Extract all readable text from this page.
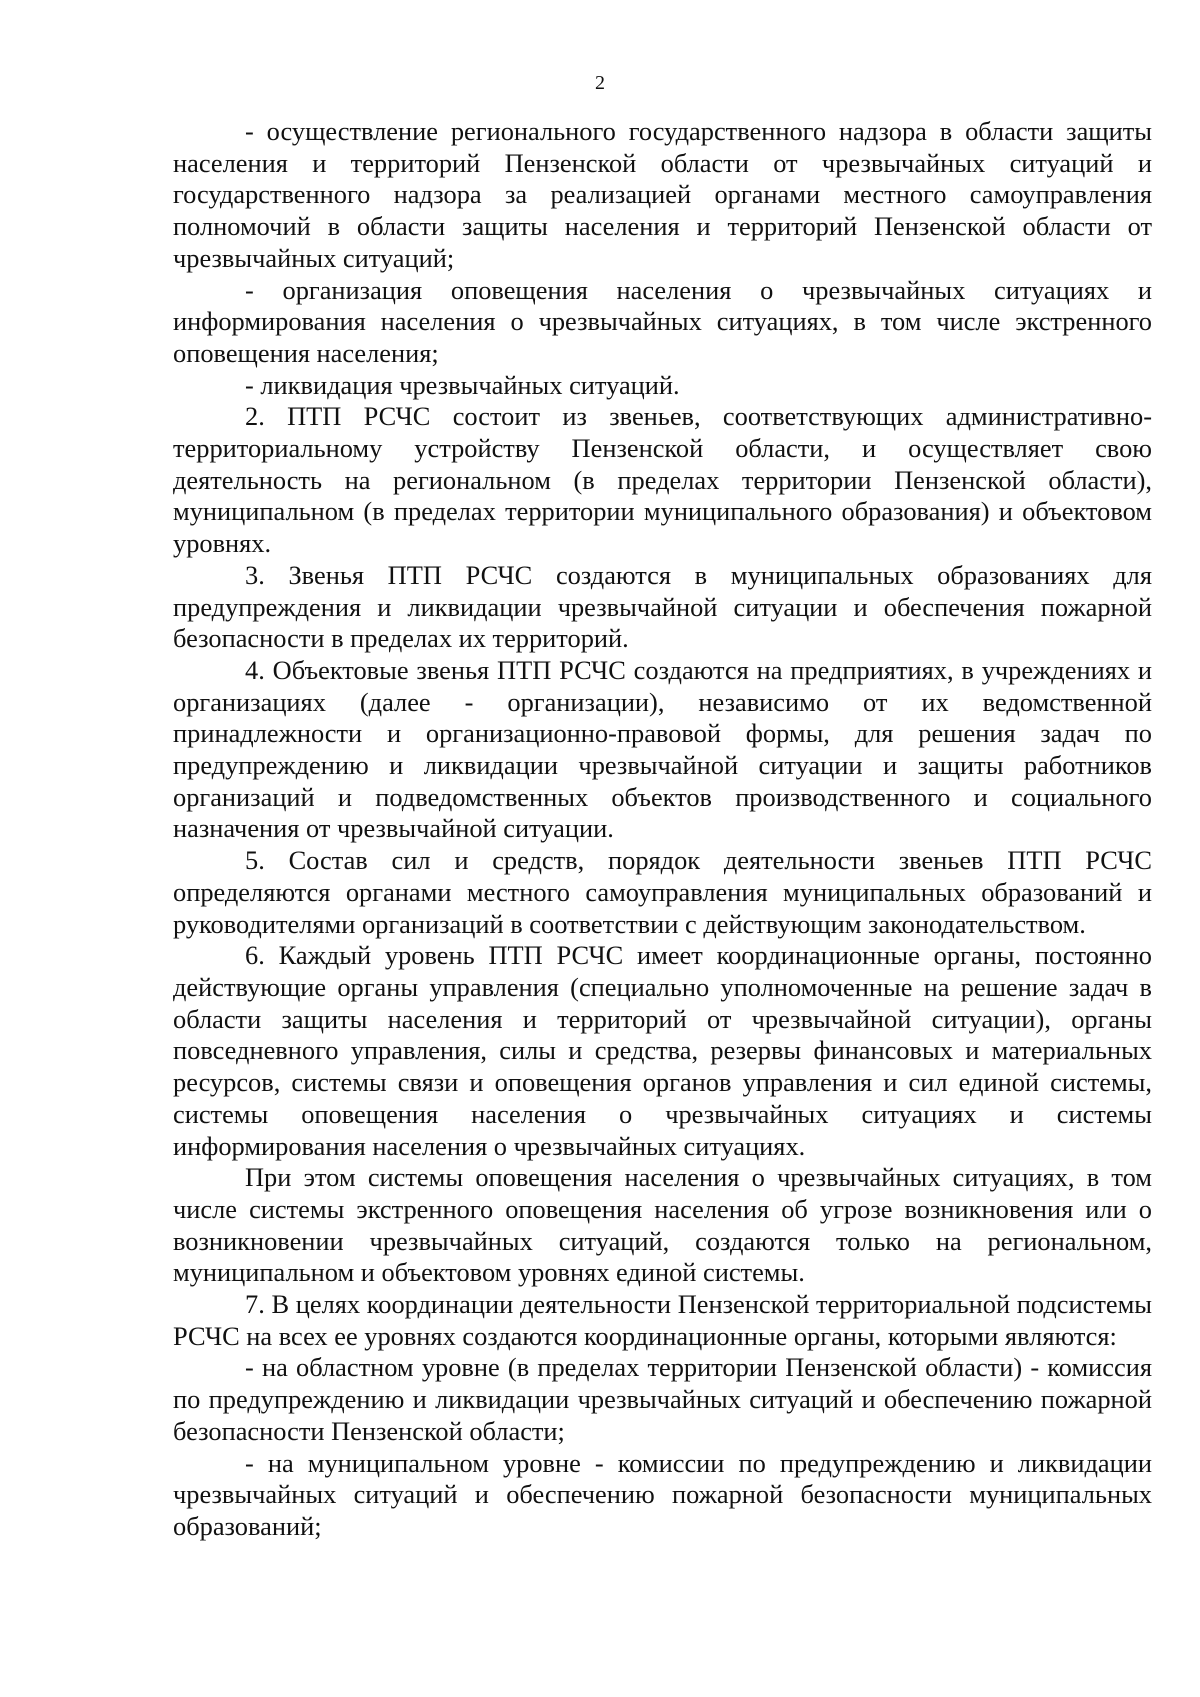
2

- осуществление регионального государственного надзора в области защиты населения и территорий Пензенской области от чрезвычайных ситуаций и государственного надзора за реализацией органами местного самоуправления полномочий в области защиты населения и территорий Пензенской области от чрезвычайных ситуаций;

- организация оповещения населения о чрезвычайных ситуациях и информирования населения о чрезвычайных ситуациях, в том числе экстренного оповещения населения;

- ликвидация чрезвычайных ситуаций.

2. ПТП РСЧС состоит из звеньев, соответствующих административно-территориальному устройству Пензенской области, и осуществляет свою деятельность на региональном (в пределах территории Пензенской области), муниципальном (в пределах территории муниципального образования) и объектовом уровнях.

3. Звенья ПТП РСЧС создаются в муниципальных образованиях для предупреждения и ликвидации чрезвычайной ситуации и обеспечения пожарной безопасности в пределах их территорий.

4. Объектовые звенья ПТП РСЧС создаются на предприятиях, в учреждениях и организациях (далее - организации), независимо от их ведомственной принадлежности и организационно-правовой формы, для решения задач по предупреждению и ликвидации чрезвычайной ситуации и защиты работников организаций и подведомственных объектов производственного и социального назначения от чрезвычайной ситуации.

5. Состав сил и средств, порядок деятельности звеньев ПТП РСЧС определяются органами местного самоуправления муниципальных образований и руководителями организаций в соответствии с действующим законодательством.

6. Каждый уровень ПТП РСЧС имеет координационные органы, постоянно действующие органы управления (специально уполномоченные на решение задач в области защиты населения и территорий от чрезвычайной ситуации), органы повседневного управления, силы и средства, резервы финансовых и материальных ресурсов, системы связи и оповещения органов управления и сил единой системы, системы оповещения населения о чрезвычайных ситуациях и системы информирования населения о чрезвычайных ситуациях.

При этом системы оповещения населения о чрезвычайных ситуациях, в том числе системы экстренного оповещения населения об угрозе возникновения или о возникновении чрезвычайных ситуаций, создаются только на региональном, муниципальном и объектовом уровнях единой системы.

7. В целях координации деятельности Пензенской территориальной подсистемы РСЧС на всех ее уровнях создаются координационные органы, которыми являются:

- на областном уровне (в пределах территории Пензенской области) - комиссия по предупреждению и ликвидации чрезвычайных ситуаций и обеспечению пожарной безопасности Пензенской области;

- на муниципальном уровне - комиссии по предупреждению и ликвидации чрезвычайных ситуаций и обеспечению пожарной безопасности муниципальных образований;
